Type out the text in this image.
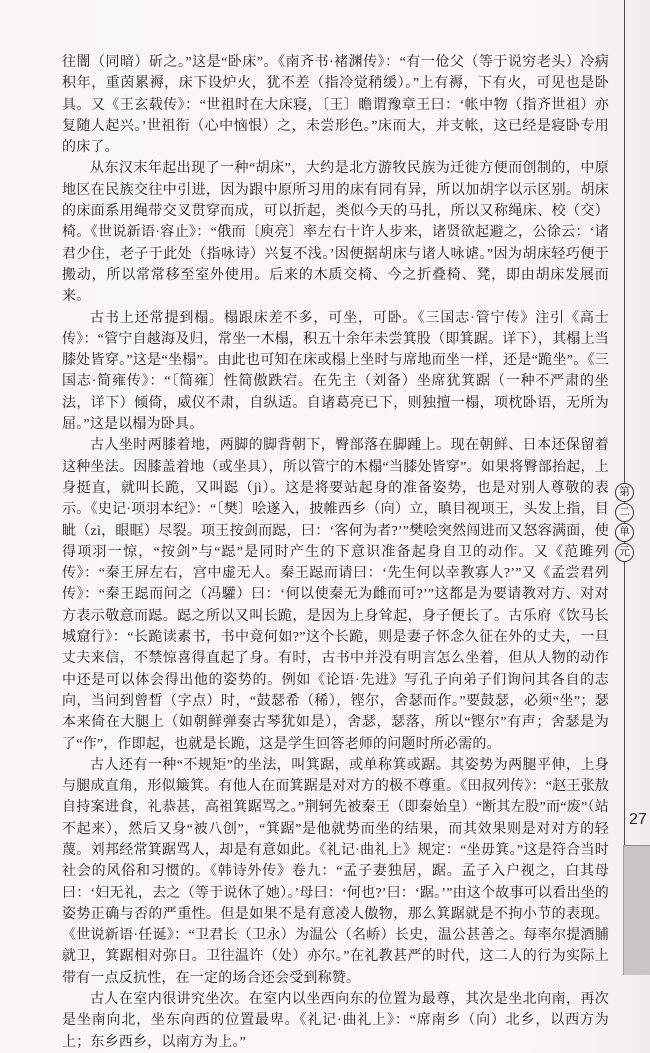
往闇（同暗）斫之。”这是“卧床”。《南齐书·褚渊传》：“有一伧父（等于说穷老头）冷病积年，重茵累褥，床下设炉火，犹不差（指冷觉稍缓）。”上有褥，下有火，可见也是卧具。又《王玄载传》：“世祖时在大床寝，〔王〕瞻谓豫章王曰：‘帐中物（指齐世祖）亦复随人起兴。’世祖衔（心中恼恨）之，未尝形色。”床而大，并支帐，这已经是寝卧专用的床了。

从东汉末年起出现了一种“胡床”，大约是北方游牧民族为迁徙方便而创制的，中原地区在民族交往中引进，因为跟中原所习用的床有同有异，所以加胡字以示区别。胡床的床面系用绳带交叉贯穿而成，可以折起，类似今天的马扎，所以又称绳床、校（交）椅。《世说新语·容止》：“俄而〔庾亮〕率左右十许人步来，诸贤欲起避之，公徐云：‘诸君少住，老子于此处（指咏诗）兴复不浅。’因便据胡床与诸人咏谑。”因为胡床轻巧便于搬动，所以常常移至室外使用。后来的木质交椅、今之折叠椅、凳，即由胡床发展而来。

古书上还常提到榻。榻跟床差不多，可坐，可卧。《三国志·管宁传》注引《高士传》：“管宁自越海及归，常坐一木榻，积五十余年未尝箕股（即箕踞。详下），其榻上当膝处皆穿。”这是“坐榻”。由此也可知在床或榻上坐时与席地而坐一样，还是“跪坐”。《三国志·简雍传》：“〔简雍〕性简傲跌宕。在先主（刘备）坐席犹箕踞（一种不严肃的坐法，详下）倾倚，威仪不肃，自纵适。自诸葛亮已下，则独擅一榻，项枕卧语，无所为屈。”这是以榻为卧具。

古人坐时两膝着地，两脚的脚背朝下，臀部落在脚踵上。现在朝鲜、日本还保留着这种坐法。因膝盖着地（或坐具），所以管宁的木榻“当膝处皆穿”。如果将臀部抬起，上身挺直，就叫长跪，又叫跽（jì）。这是将要站起身的准备姿势，也是对别人尊敬的表示。《史记·项羽本纪》：“〔樊〕哙遂入，披帷西乡（向）立，瞋目视项王，头发上指，目眦（zì，眼眶）尽裂。项王按剑而跽，曰：‘客何为者?’”樊哙突然闯进而又怒容满面，使得项羽一惊，“按剑”与“跽”是同时产生的下意识准备起身自卫的动作。又《范雎列传》：“秦王屏左右，宫中虚无人。秦王跽而请曰：‘先生何以幸教寡人?’”又《孟尝君列传》：“秦王跽而问之（冯驩）曰：‘何以使秦无为雌而可?’”这都是为要请教对方、对对方表示敬意而跽。跽之所以又叫长跪，是因为上身耸起，身子便长了。古乐府《饮马长城窟行》：“长跪读素书，书中竟何如?”这个长跪，则是妻子怀念久征在外的丈夫，一旦丈夫来信，不禁惊喜得直起了身。有时，古书中并没有明言怎么坐着，但从人物的动作中还是可以体会得出他的姿势的。例如《论语·先进》写孔子向弟子们询问其各自的志向，当问到曾晳（字点）时，“鼓瑟希（稀），铿尔，舍瑟而作。”要鼓瑟，必须“坐”；瑟本来倚在大腿上（如朝鲜弹奏古琴犹如是），舍瑟，瑟落，所以“铿尔”有声；舍瑟是为了“作”，作即起，也就是长跪，这是学生回答老师的问题时所必需的。

古人还有一种“不规矩”的坐法，叫箕踞，或单称箕或踞。其姿势为两腿平伸，上身与腿成直角，形似簸箕。有他人在而箕踞是对对方的极不尊重。《田叔列传》：“赵王张敖自持案进食，礼恭甚，高祖箕踞骂之。”荆轲先被秦王（即秦始皇）“断其左股”而“废”（站不起来），然后又身“被八创”，“箕踞”是他就势而坐的结果，而其效果则是对对方的轻蔑。刘邦经常箕踞骂人，却是有意如此。《礼记·曲礼上》规定：“坐毋箕。”这是符合当时社会的风俗和习惯的。《韩诗外传》卷九：“孟子妻独居，踞。孟子入户视之，白其母曰：‘妇无礼，去之（等于说休了她）。’母曰：‘何也?’曰：‘踞。’”由这个故事可以看出坐的姿势正确与否的严重性。但是如果不是有意凌人傲物，那么箕踞就是不拘小节的表现。《世说新语·任诞》：“卫君长（卫永）为温公（名峤）长史，温公甚善之。每率尔提酒脯就卫，箕踞相对弥日。卫往温许（处）亦尔。”在礼教甚严的时代，这二人的行为实际上带有一点反抗性，在一定的场合还会受到称赞。

古人在室内很讲究坐次。在室内以坐西向东的位置为最尊，其次是坐北向南，再次是坐南向北，坐东向西的位置最卑。《礼记·曲礼上》：“席南乡（向）北乡，以西方为上；东乡西乡，以南方为上。”

第
二
单
元
27
